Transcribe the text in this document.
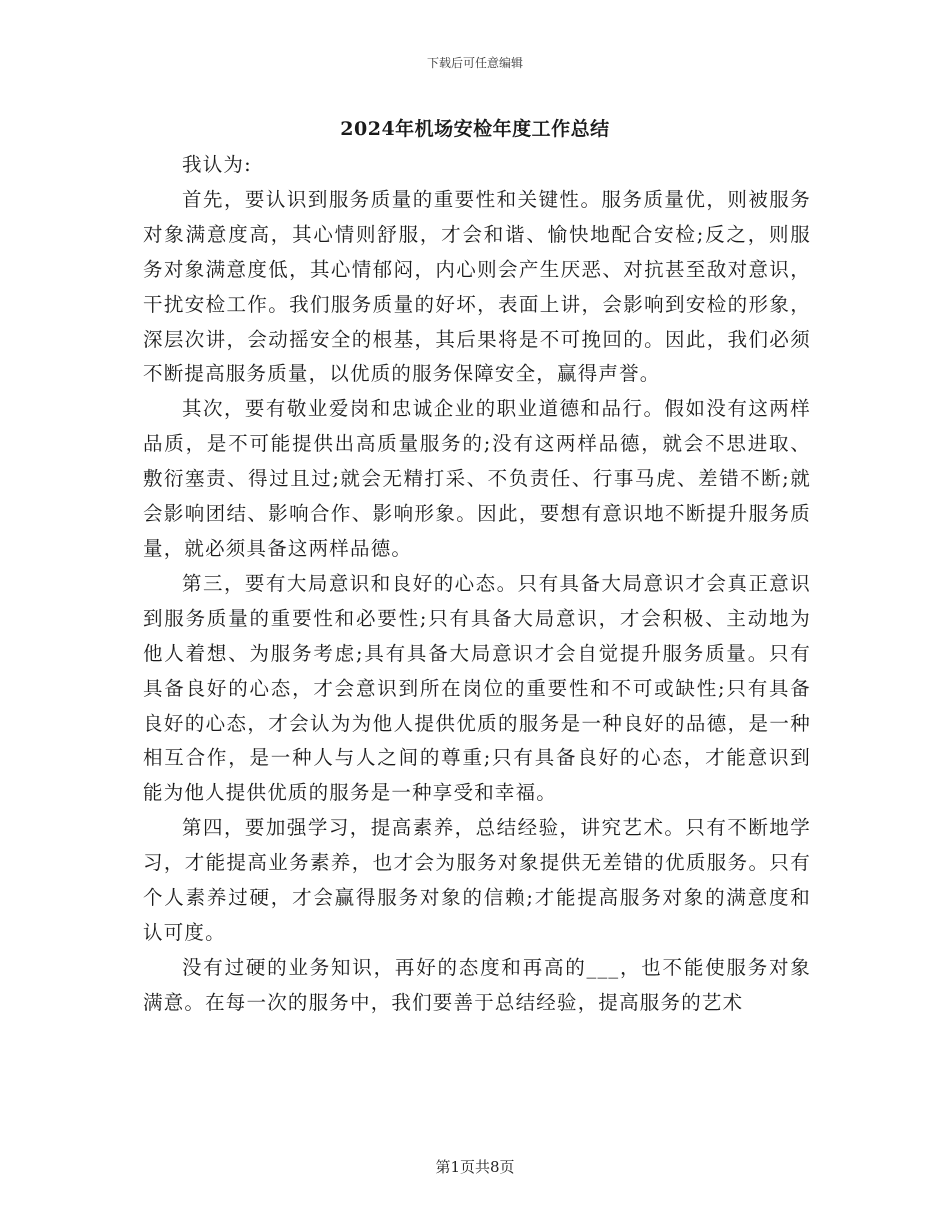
下载后可任意编辑
2024年机场安检年度工作总结

我认为:

首先，要认识到服务质量的重要性和关键性。服务质量优，则被服务对象满意度高，其心情则舒服，才会和谐、愉快地配合安检;反之，则服务对象满意度低，其心情郁闷，内心则会产生厌恶、对抗甚至敌对意识，干扰安检工作。我们服务质量的好坏，表面上讲，会影响到安检的形象，深层次讲，会动摇安全的根基，其后果将是不可挽回的。因此，我们必须不断提高服务质量，以优质的服务保障安全，赢得声誉。

其次，要有敬业爱岗和忠诚企业的职业道德和品行。假如没有这两样品质，是不可能提供出高质量服务的;没有这两样品德，就会不思进取、敷衍塞责、得过且过;就会无精打采、不负责任、行事马虎、差错不断;就会影响团结、影响合作、影响形象。因此，要想有意识地不断提升服务质量，就必须具备这两样品德。

第三，要有大局意识和良好的心态。只有具备大局意识才会真正意识到服务质量的重要性和必要性;只有具备大局意识，才会积极、主动地为他人着想、为服务考虑;具有具备大局意识才会自觉提升服务质量。只有具备良好的心态，才会意识到所在岗位的重要性和不可或缺性;只有具备良好的心态，才会认为为他人提供优质的服务是一种良好的品德，是一种相互合作，是一种人与人之间的尊重;只有具备良好的心态，才能意识到能为他人提供优质的服务是一种享受和幸福。

第四，要加强学习，提高素养，总结经验，讲究艺术。只有不断地学习，才能提高业务素养，也才会为服务对象提供无差错的优质服务。只有个人素养过硬，才会赢得服务对象的信赖;才能提高服务对象的满意度和认可度。

没有过硬的业务知识，再好的态度和再高的___，也不能使服务对象满意。在每一次的服务中，我们要善于总结经验，提高服务的艺术

第1页共8页
